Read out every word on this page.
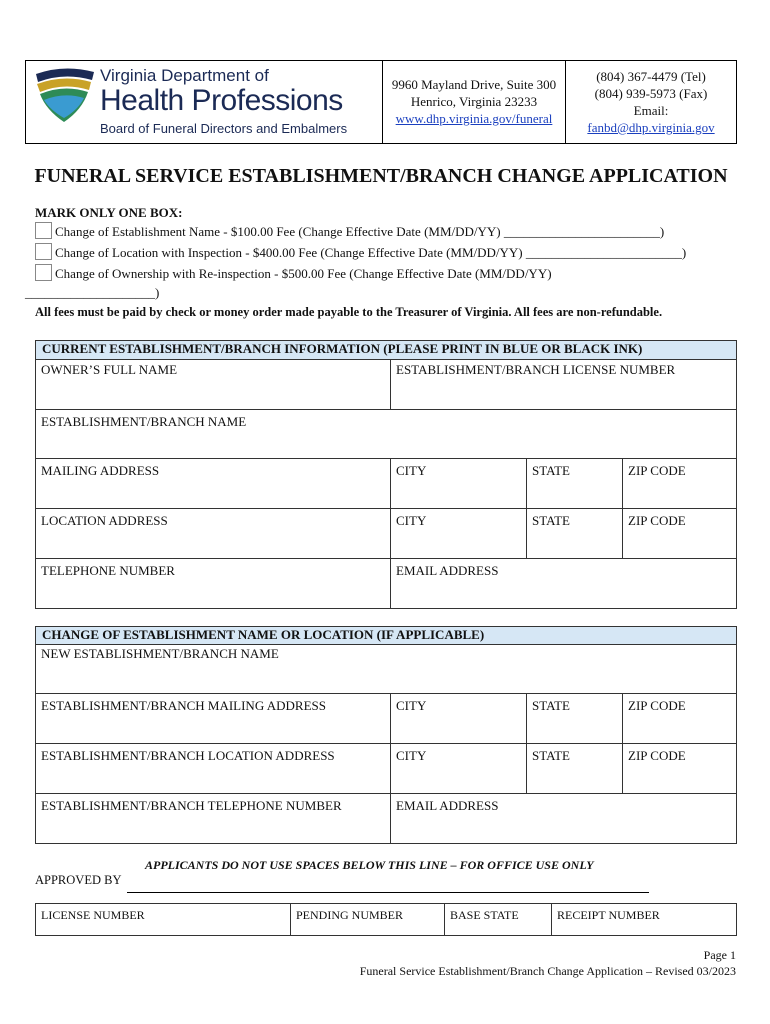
Virginia Department of
Health Professions
Board of Funeral Directors and Embalmers
9960 Mayland Drive, Suite 300
Henrico, Virginia 23233
www.dhp.virginia.gov/funeral
(804) 367-4479 (Tel)
(804) 939-5973 (Fax)
Email:
fanbd@dhp.virginia.gov
FUNERAL SERVICE ESTABLISHMENT/BRANCH CHANGE APPLICATION
MARK ONLY ONE BOX:
Change of Establishment Name - $100.00 Fee (Change Effective Date (MM/DD/YY) ________________________)
Change of Location with Inspection - $400.00 Fee (Change Effective Date (MM/DD/YY) ________________________)
Change of Ownership with Re-inspection - $500.00 Fee (Change Effective Date (MM/DD/YY)
____________________)
All fees must be paid by check or money order made payable to the Treasurer of Virginia. All fees are non-refundable.
CURRENT ESTABLISHMENT/BRANCH INFORMATION (PLEASE PRINT IN BLUE OR BLACK INK)
OWNER’S FULL NAME	ESTABLISHMENT/BRANCH LICENSE NUMBER
ESTABLISHMENT/BRANCH NAME
MAILING ADDRESS	CITY	STATE	ZIP CODE
LOCATION ADDRESS	CITY	STATE	ZIP CODE
TELEPHONE NUMBER	EMAIL ADDRESS
CHANGE OF ESTABLISHMENT NAME OR LOCATION (IF APPLICABLE)
NEW ESTABLISHMENT/BRANCH NAME
ESTABLISHMENT/BRANCH MAILING ADDRESS	CITY	STATE	ZIP CODE
ESTABLISHMENT/BRANCH LOCATION ADDRESS	CITY	STATE	ZIP CODE
ESTABLISHMENT/BRANCH TELEPHONE NUMBER	EMAIL ADDRESS
APPLICANTS DO NOT USE SPACES BELOW THIS LINE – FOR OFFICE USE ONLY
APPROVED BY
LICENSE NUMBER	PENDING NUMBER	BASE STATE	RECEIPT NUMBER
Page 1
Funeral Service Establishment/Branch Change Application – Revised 03/2023
